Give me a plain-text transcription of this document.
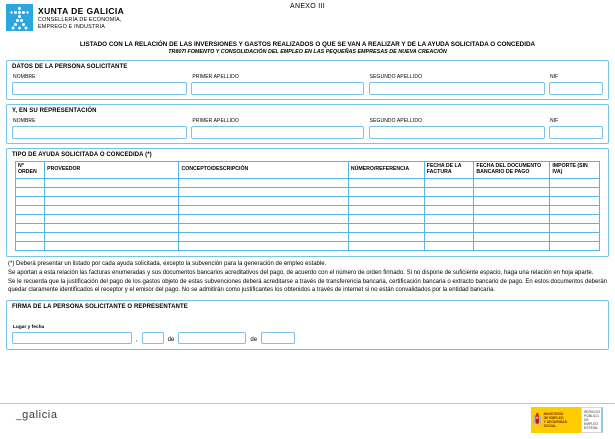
XUNTA DE GALICIA
CONSELLERÍA DE ECONOMÍA,
EMPREGO E INDUSTRIA
ANEXO III
LISTADO CON LA RELACIÓN DE LAS INVERSIONES Y GASTOS REALIZADOS O QUE SE VAN A REALIZAR Y DE LA AYUDA SOLICITADA O CONCEDIDA
TR807I FOMENTO Y CONSOLIDACIÓN DEL EMPLEO EN LAS PEQUEÑAS EMPRESAS DE NUEVA CREACIÓN
DATOS DE LA PERSONA SOLICITANTE
NOMBRE	PRIMER APELLIDO	SEGUNDO APELLIDO	NIF
Y, EN SU REPRESENTACIÓN
NOMBRE	PRIMER APELLIDO	SEGUNDO APELLIDO	NIF
TIPO DE AYUDA SOLICITADA O CONCEDIDA (*)
Nº ORDEN	PROVEEDOR	CONCEPTO/DESCRIPCIÓN	NÚMERO/REFERENCIA	FECHA DE LA FACTURA	FECHA DEL DOCUMENTO BANCARIO DE PAGO	IMPORTE (SIN IVA)

(*) Deberá presentar un listado por cada ayuda solicitada, excepto la subvención para la generación de empleo estable.

Se aportan a esta relación las facturas enumeradas y sus documentos bancarios acreditativos del pago, de acuerdo con el número de orden firmado. Si no dispone de suficiente espacio, haga una relación en hoja aparte.

Se le recuerda que la justificación del pago de los gastos objeto de estas subvenciones deberá acreditarse a través de transferencia bancaria, certificación bancaria o extracto bancario de pago. En estos documentos deberán quedar claramente identificados el receptor y el emisor del pago. No se admitirán como justificantes los obtenidos a través de internet si no están convalidados por la entidad bancaria.

FIRMA DE LA PERSONA SOLICITANTE O REPRESENTANTE
Lugar y fecha
,	de	de
_galicia	MINISTERIO
DE EMPLEO
Y SEGURIDAD SOCIAL
SERVICIO PÚBLICO
DE EMPLEO ESTATAL
